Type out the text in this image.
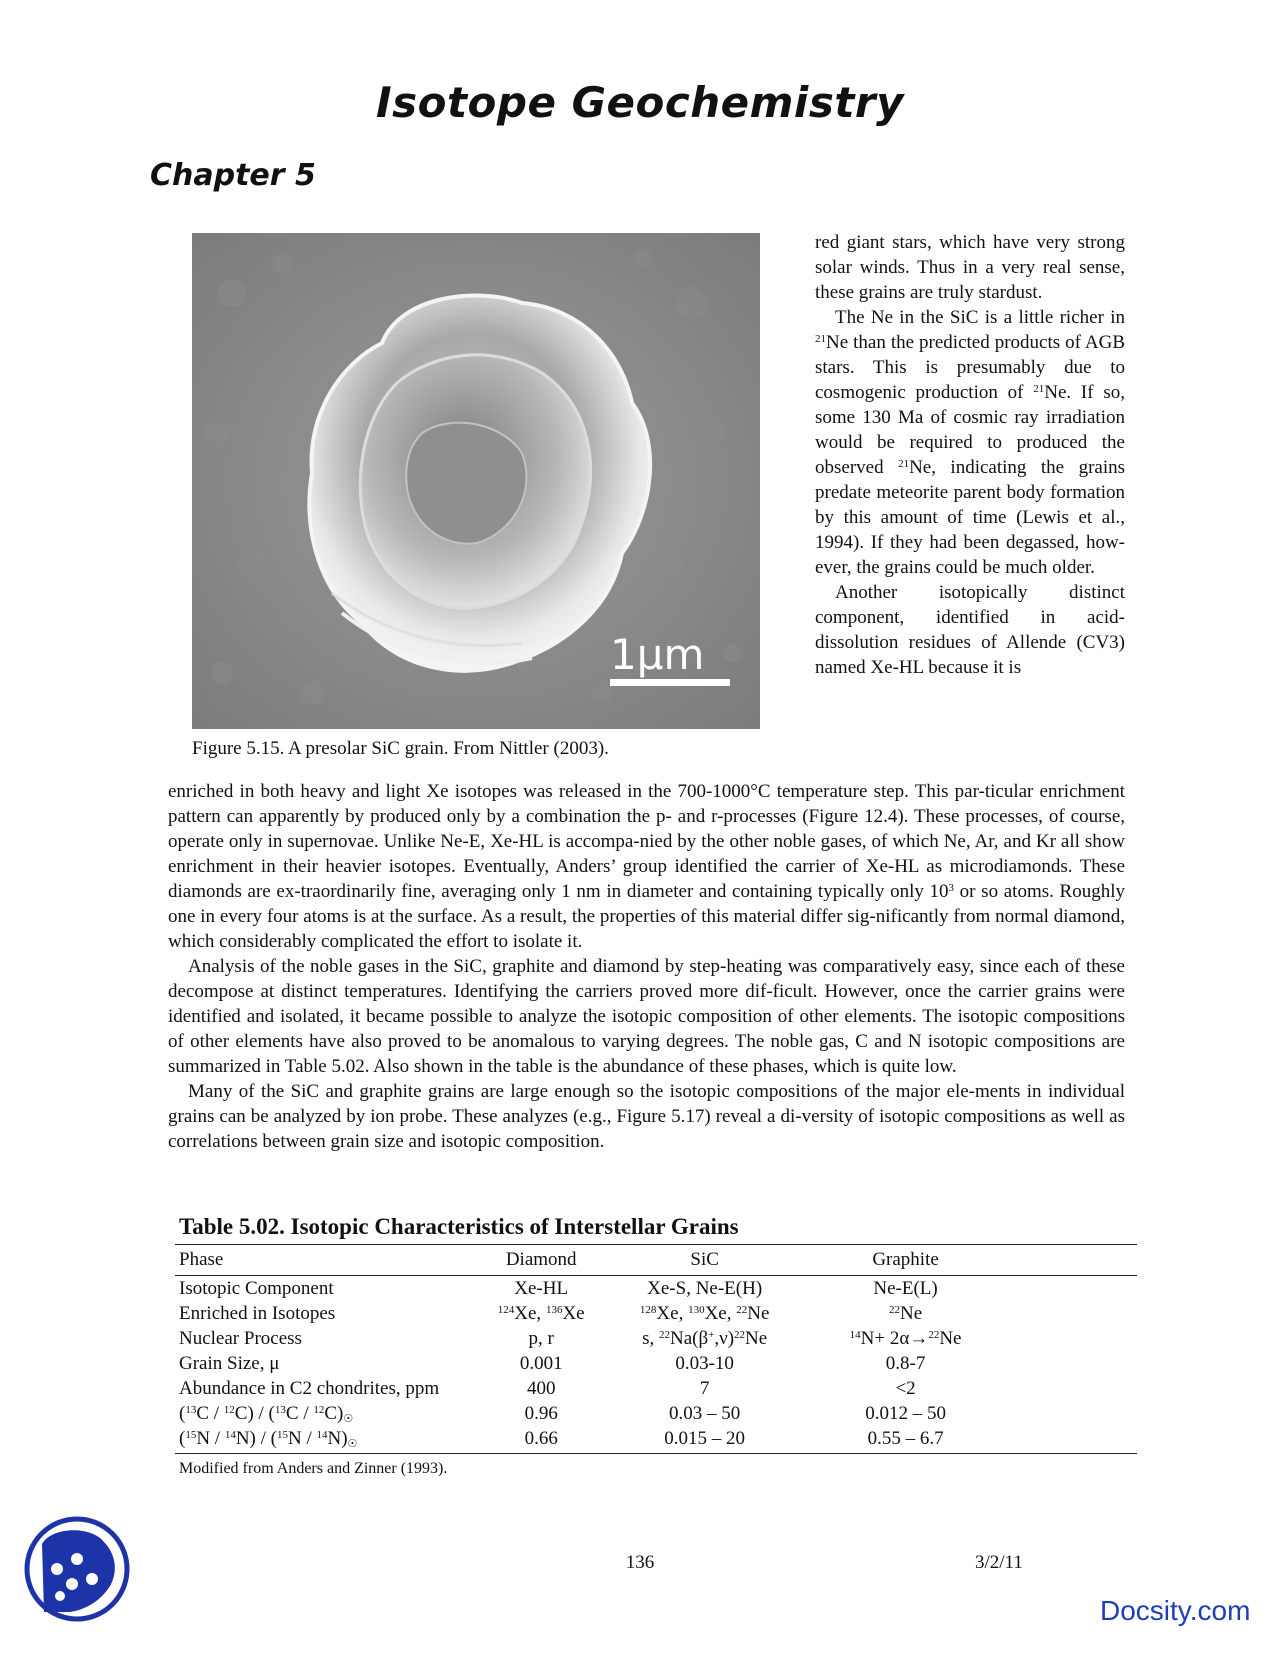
Isotope Geochemistry
Chapter 5
1μm
Figure 5.15. A presolar SiC grain. From Nittler (2003).

red giant stars, which have very strong solar winds. Thus in a very real sense, these grains are truly stardust.

The Ne in the SiC is a little richer in $^{21}$Ne than the predicted products of AGB stars. This is presumably due to cosmogenic production of $^{21}$Ne. If so, some 130 Ma of cosmic ray irradiation would be required to produced the observed $^{21}$Ne, indicating the grains predate meteorite parent body formation by this amount of time (Lewis et al., 1994). If they had been degassed, how-ever, the grains could be much older.

Another isotopically distinct component, identified in acid-dissolution residues of Allende (CV3) named Xe-HL because it is

enriched in both heavy and light Xe isotopes was released in the 700-1000°C temperature step. This par-ticular enrichment pattern can apparently by produced only by a combination the p- and r-processes (Figure 12.4). These processes, of course, operate only in supernovae. Unlike Ne-E, Xe-HL is accompa-nied by the other noble gases, of which Ne, Ar, and Kr all show enrichment in their heavier isotopes. Eventually, Anders’ group identified the carrier of Xe-HL as microdiamonds. These diamonds are ex-traordinarily fine, averaging only 1 nm in diameter and containing typically only $10^3$ or so atoms. Roughly one in every four atoms is at the surface. As a result, the properties of this material differ sig-nificantly from normal diamond, which considerably complicated the effort to isolate it.

Analysis of the noble gases in the SiC, graphite and diamond by step-heating was comparatively easy, since each of these decompose at distinct temperatures. Identifying the carriers proved more dif-ficult. However, once the carrier grains were identified and isolated, it became possible to analyze the isotopic composition of other elements. The isotopic compositions of other elements have also proved to be anomalous to varying degrees. The noble gas, C and N isotopic compositions are summarized in Table 5.02. Also shown in the table is the abundance of these phases, which is quite low.

Many of the SiC and graphite grains are large enough so the isotopic compositions of the major ele-ments in individual grains can be analyzed by ion probe. These analyzes (e.g., Figure 5.17) reveal a di-versity of isotopic compositions as well as correlations between grain size and isotopic composition.

Table 5.02. Isotopic Characteristics of Interstellar Grains
Phase	Diamond	SiC	Graphite	
Isotopic Component	Xe-HL	Xe-S, Ne-E(H)	Ne-E(L)	
Enriched in Isotopes	$^{124}$Xe, $^{136}$Xe	$^{128}$Xe, $^{130}$Xe, $^{22}$Ne	$^{22}$Ne	
Nuclear Process	p, r	s, $^{22}Na(\beta^+,\nu)^{22}Ne$	$^{14}$N+ 2α→$^{22}$Ne	
Grain Size, μ	0.001	0.03-10	0.8-7	
Abundance in C2 chondrites, ppm	400	7	<2	
$(^{13}C / ^{12}C) / (^{13}C / ^{12}C)_☉$	0.96	0.03 – 50	0.012 – 50	
$(^{15}N / ^{14}N) / (^{15}N / ^{14}N)_☉$	0.66	0.015 – 20	0.55 – 6.7	
Modified from Anders and Zinner (1993).
136	3/2/11
Docsity.com
